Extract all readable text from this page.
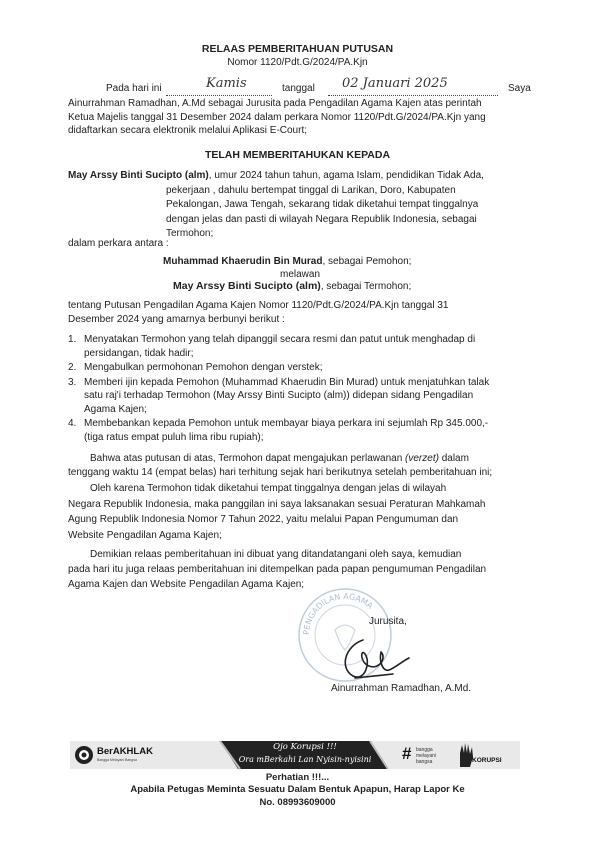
RELAAS PEMBERITAHUAN PUTUSAN
Nomor 1120/Pdt.G/2024/PA.Kjn
Pada hari ini	Kamis	tanggal 02 Januari 2025	Saya
Ainurrahman Ramadhan, A.Md sebagai Jurusita pada Pengadilan Agama Kajen atas perintah
Ketua Majelis tanggal 31 Desember 2024 dalam perkara Nomor 1120/Pdt.G/2024/PA.Kjn yang
didaftarkan secara elektronik melalui Aplikasi E-Court;
TELAH MEMBERITAHUKAN KEPADA
May Arssy Binti Sucipto (alm), umur 2024 tahun tahun, agama Islam, pendidikan Tidak Ada,
pekerjaan , dahulu bertempat tinggal di Larikan, Doro, Kabupaten
Pekalongan, Jawa Tengah, sekarang tidak diketahui tempat tinggalnya
dengan jelas dan pasti di wilayah Negara Republik Indonesia, sebagai
Termohon;
dalam perkara antara :
Muhammad Khaerudin Bin Murad, sebagai Pemohon;
melawan
May Arssy Binti Sucipto (alm), sebagai Termohon;
tentang Putusan Pengadilan Agama Kajen Nomor 1120/Pdt.G/2024/PA.Kjn tanggal 31
Desember 2024 yang amarnya berbunyi berikut :
1. Menyatakan Termohon yang telah dipanggil secara resmi dan patut untuk menghadap di
persidangan, tidak hadir;
2. Mengabulkan permohonan Pemohon dengan verstek;
3. Memberi ijin kepada Pemohon (Muhammad Khaerudin Bin Murad) untuk menjatuhkan talak
satu raj'i terhadap Termohon (May Arssy Binti Sucipto (alm)) didepan sidang Pengadilan
Agama Kajen;
4. Membebankan kepada Pemohon untuk membayar biaya perkara ini sejumlah Rp 345.000,-
(tiga ratus empat puluh lima ribu rupiah);
Bahwa atas putusan di atas, Termohon dapat mengajukan perlawanan (verzet) dalam
tenggang waktu 14 (empat belas) hari terhitung sejak hari berikutnya setelah pemberitahuan ini;
Oleh karena Termohon tidak diketahui tempat tinggalnya dengan jelas di wilayah
Negara Republik Indonesia, maka panggilan ini saya laksanakan sesuai Peraturan Mahkamah
Agung Republik Indonesia Nomor 7 Tahun 2022, yaitu melalui Papan Pengumuman dan
Website Pengadilan Agama Kajen;
Demikian relaas pemberitahuan ini dibuat yang ditandatangani oleh saya, kemudian
pada hari itu juga relaas pemberitahuan ini ditempelkan pada papan pengumuman Pengadilan
Agama Kajen dan Website Pengadilan Agama Kajen;
PENGADILAN AGAMA
Jurusita,
Ainurrahman Ramadhan, A.Md.
BerAKHLAK
Bangga Melayani Bangsa
Ojo Korupsi !!!
Ora mBerkahi Lan Nyisin-nyisini	# bangga melayani bangsa	KORUPSI
Perhatian !!!...
Apabila Petugas Meminta Sesuatu Dalam Bentuk Apapun, Harap Lapor Ke
No. 08993609000
